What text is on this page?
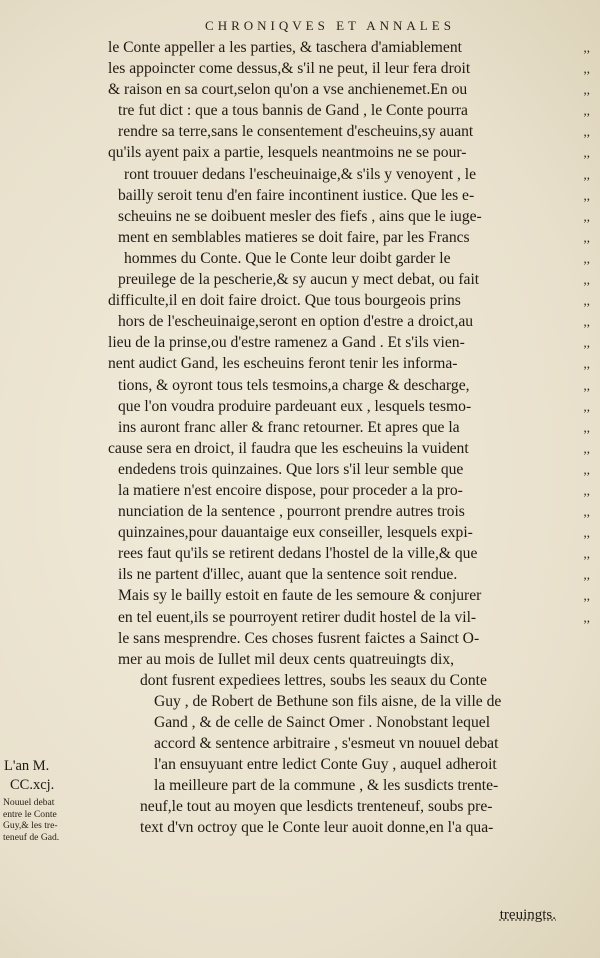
CHRONIQVES ET ANNALES
le Conte appeller a les parties, & taschera d'amiablement	,,
les appoincter come dessus,& s'il ne peut, il leur fera droit	,,
& raison en sa court,selon qu'on a vse anchienemet.En ou	,,
tre fut dict : que a tous bannis de Gand , le Conte pourra	,,
rendre sa terre,sans le consentement d'escheuins,sy auant	,,
qu'ils ayent paix a partie, lesquels neantmoins ne se pour-	,,
ront trouuer dedans l'escheuinaige,& s'ils y venoyent , le	,,
bailly seroit tenu d'en faire incontinent iustice. Que les e-	,,
scheuins ne se doibuent mesler des fiefs , ains que le iuge-	,,
ment en semblables matieres se doit faire, par les Francs	,,
hommes du Conte. Que le Conte leur doibt garder le	,,
preuilege de la pescherie,& sy aucun y mect debat, ou fait	,,
difficulte,il en doit faire droict. Que tous bourgeois prins	,,
hors de l'escheuinaige,seront en option d'estre a droict,au	,,
lieu de la prinse,ou d'estre ramenez a Gand . Et s'ils vien-	,,
nent audict Gand, les escheuins feront tenir les informa-	,,
tions, & oyront tous tels tesmoins,a charge & descharge,	,,
que l'on voudra produire pardeuant eux , lesquels tesmo-	,,
ins auront franc aller & franc retourner. Et apres que la	,,
cause sera en droict, il faudra que les escheuins la vuident	,,
endedens trois quinzaines. Que lors s'il leur semble que	,,
la matiere n'est encoire dispose, pour proceder a la pro-	,,
nunciation de la sentence , pourront prendre autres trois	,,
quinzaines,pour dauantaige eux conseiller, lesquels expi-	,,
rees faut qu'ils se retirent dedans l'hostel de la ville,& que	,,
ils ne partent d'illec, auant que la sentence soit rendue.	,,
Mais sy le bailly estoit en faute de les semoure & conjurer	,,
en tel euent,ils se pourroyent retirer dudit hostel de la vil-	,,
le sans mesprendre. Ces choses fusrent faictes a Sainct O-
mer au mois de Iullet mil deux cents quatreuingts dix,
dont fusrent expediees lettres, soubs les seaux du Conte
Guy , de Robert de Bethune son fils aisne, de la ville de
Gand , & de celle de Sainct Omer . Nonobstant lequel
accord & sentence arbitraire , s'esmeut vn nouuel debat
l'an ensuyuant entre ledict Conte Guy , auquel adheroit
la meilleure part de la commune , & les susdicts trente-
neuf,le tout au moyen que lesdicts trenteneuf, soubs pre-
text d'vn octroy que le Conte leur auoit donne,en l'a qua-
L'an M.
CC.xcj.
Nouuel debat
entre le Conte
Guy,& les tre-
teneuf de Gad.
treuingts.
